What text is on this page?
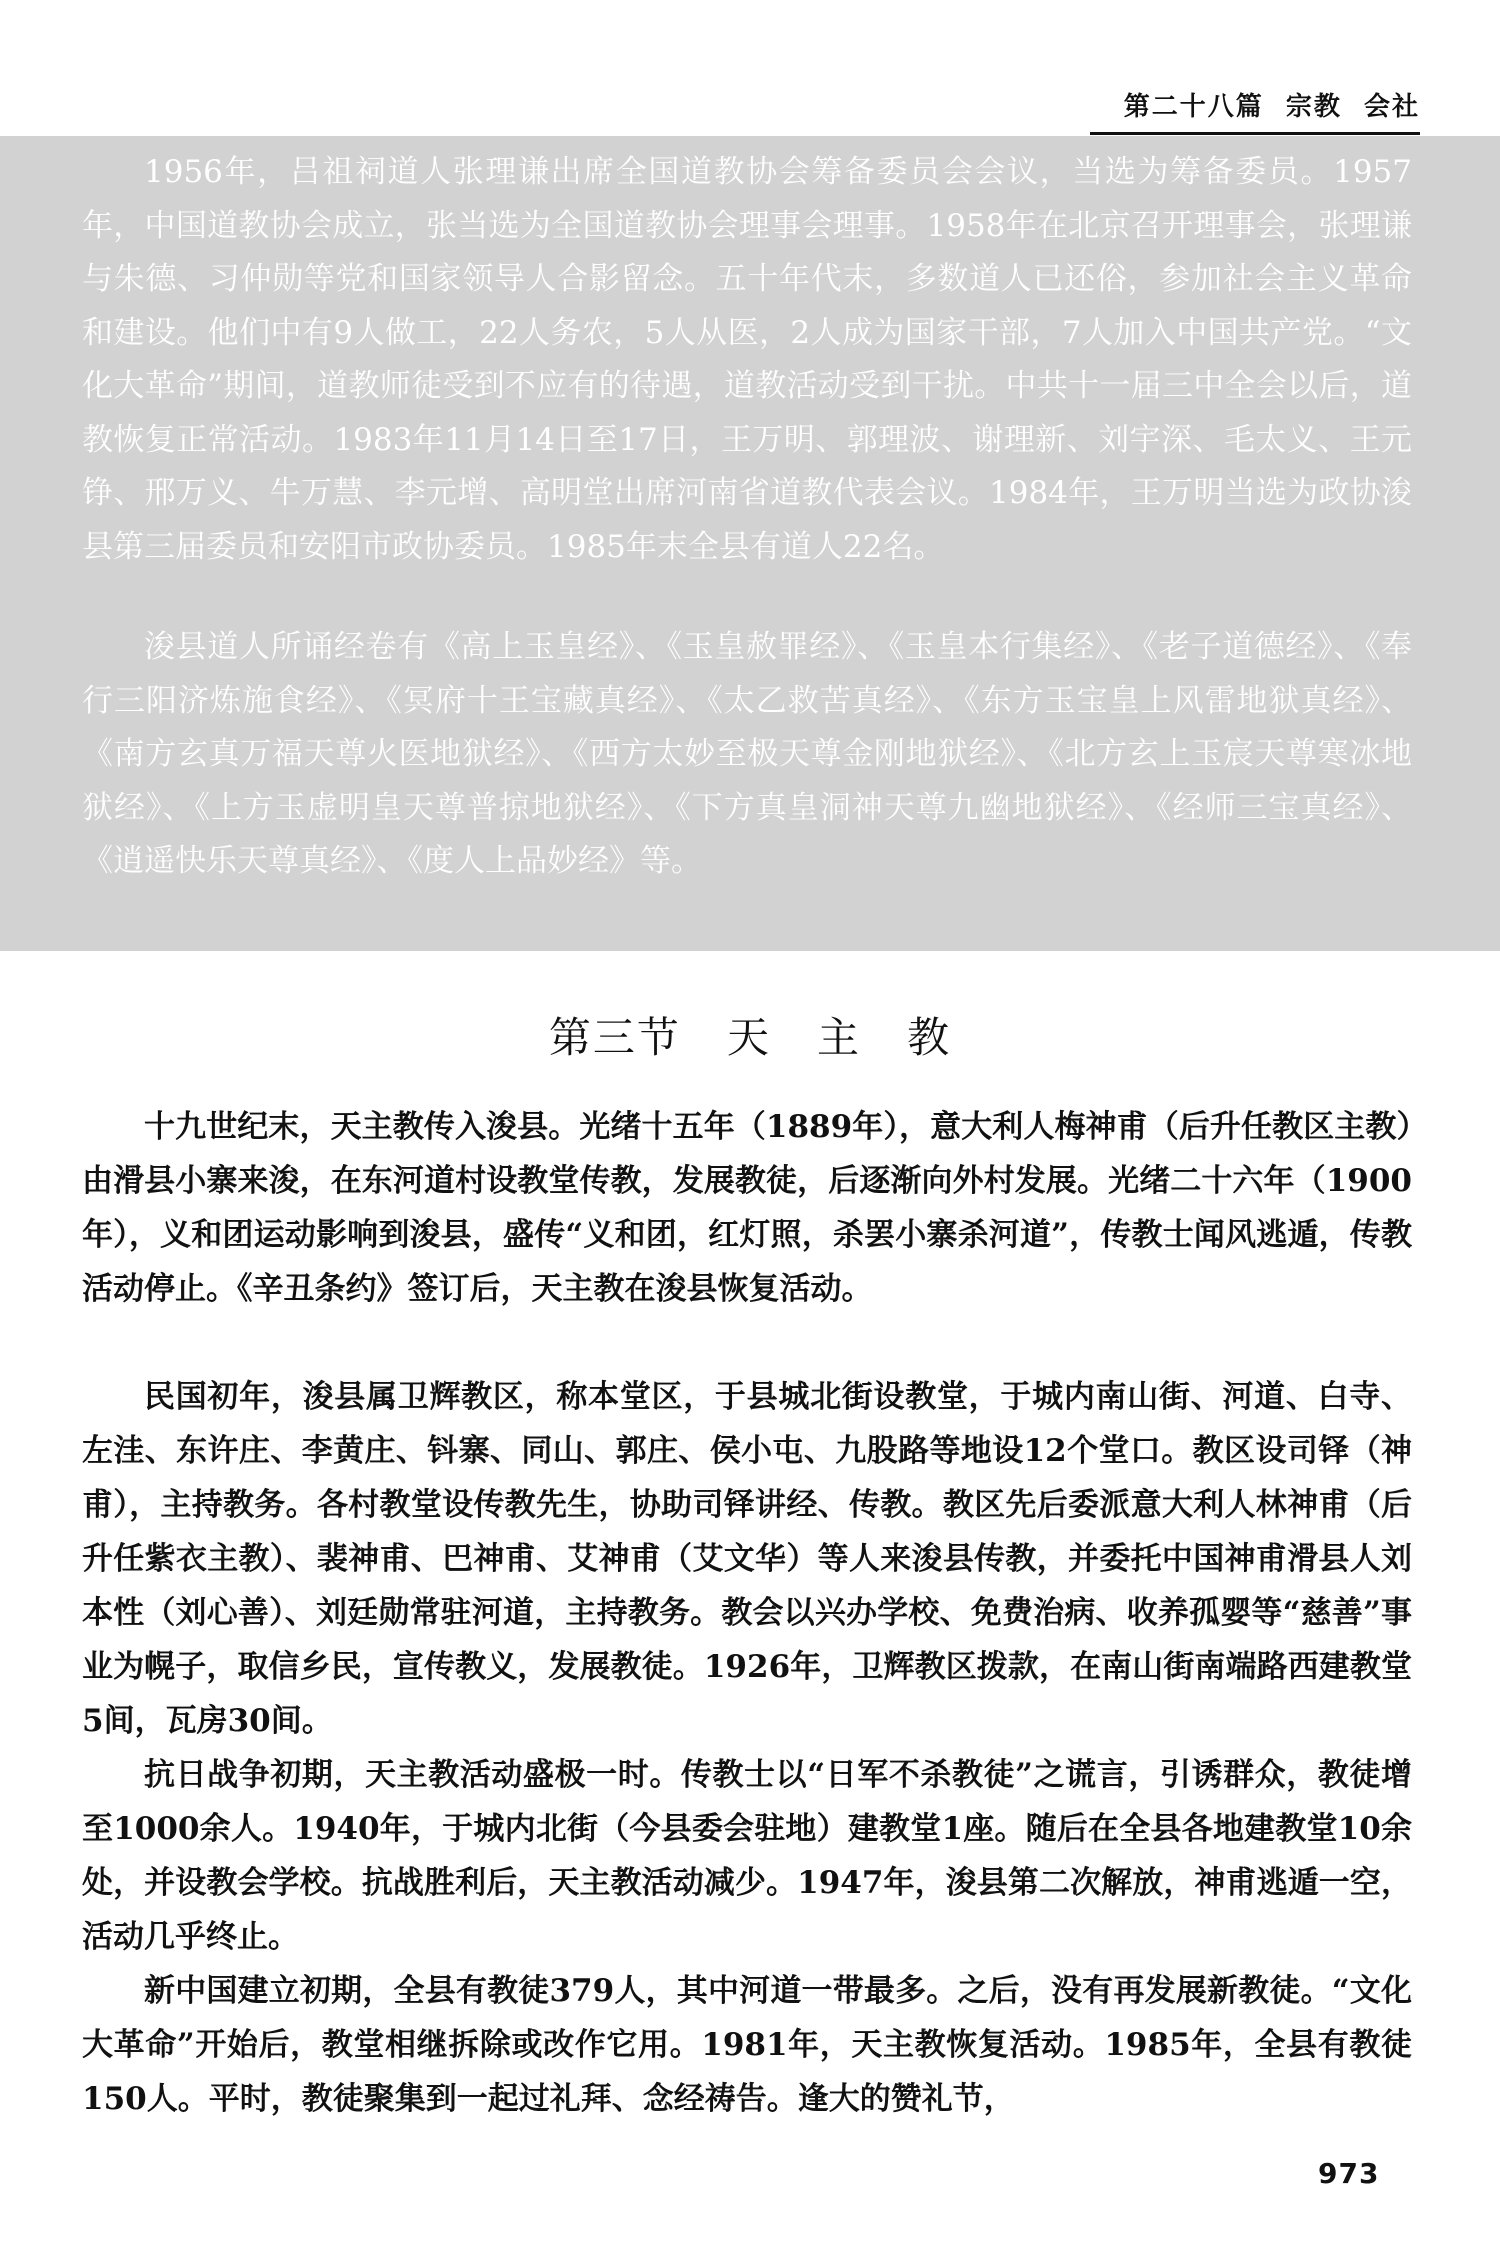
第二十八篇  宗教  会社

1956年，吕祖祠道人张理谦出席全国道教协会筹备委员会会议，当选为筹备委员。1957年，中国道教协会成立，张当选为全国道教协会理事会理事。1958年在北京召开理事会，张理谦与朱德、习仲勋等党和国家领导人合影留念。五十年代末，多数道人已还俗，参加社会主义革命和建设。他们中有9人做工，22人务农，5人从医，2人成为国家干部，7人加入中国共产党。“文化大革命”期间，道教师徒受到不应有的待遇，道教活动受到干扰。中共十一届三中全会以后，道教恢复正常活动。1983年11月14日至17日，王万明、郭理波、谢理新、刘宇深、毛太义、王元铮、邢万义、牛万慧、李元增、高明堂出席河南省道教代表会议。1984年，王万明当选为政协浚县第三届委员和安阳市政协委员。1985年末全县有道人22名。

浚县道人所诵经卷有《高上玉皇经》、《玉皇赦罪经》、《玉皇本行集经》、《老子道德经》、《奉行三阳济炼施食经》、《冥府十王宝藏真经》、《太乙救苦真经》、《东方玉宝皇上风雷地狱真经》、《南方玄真万福天尊火医地狱经》、《西方太妙至极天尊金刚地狱经》、《北方玄上玉宸天尊寒冰地狱经》、《上方玉虚明皇天尊普掠地狱经》、《下方真皇洞神天尊九幽地狱经》、《经师三宝真经》、《逍遥快乐天尊真经》、《度人上品妙经》等。

第三节   天   主   教

十九世纪末，天主教传入浚县。光绪十五年（1889年），意大利人梅神甫（后升任教区主教）由滑县小寨来浚，在东河道村设教堂传教，发展教徒，后逐渐向外村发展。光绪二十六年（1900年），义和团运动影响到浚县，盛传“义和团，红灯照，杀罢小寨杀河道”，传教士闻风逃遁，传教活动停止。《辛丑条约》签订后，天主教在浚县恢复活动。

民国初年，浚县属卫辉教区，称本堂区，于县城北街设教堂，于城内南山街、河道、白寺、左洼、东许庄、李黄庄、钭寨、同山、郭庄、侯小屯、九股路等地设12个堂口。教区设司铎（神甫），主持教务。各村教堂设传教先生，协助司铎讲经、传教。教区先后委派意大利人林神甫（后升任紫衣主教）、裴神甫、巴神甫、艾神甫（艾文华）等人来浚县传教，并委托中国神甫滑县人刘本性（刘心善）、刘廷勋常驻河道，主持教务。教会以兴办学校、免费治病、收养孤婴等“慈善”事业为幌子，取信乡民，宣传教义，发展教徒。1926年，卫辉教区拨款，在南山街南端路西建教堂5间，瓦房30间。

抗日战争初期，天主教活动盛极一时。传教士以“日军不杀教徒”之谎言，引诱群众，教徒增至1000余人。1940年，于城内北街（今县委会驻地）建教堂1座。随后在全县各地建教堂10余处，并设教会学校。抗战胜利后，天主教活动减少。1947年，浚县第二次解放，神甫逃遁一空，活动几乎终止。

新中国建立初期，全县有教徒379人，其中河道一带最多。之后，没有再发展新教徒。“文化大革命”开始后，教堂相继拆除或改作它用。1981年，天主教恢复活动。1985年，全县有教徒150人。平时，教徒聚集到一起过礼拜、念经祷告。逢大的赞礼节，

973
